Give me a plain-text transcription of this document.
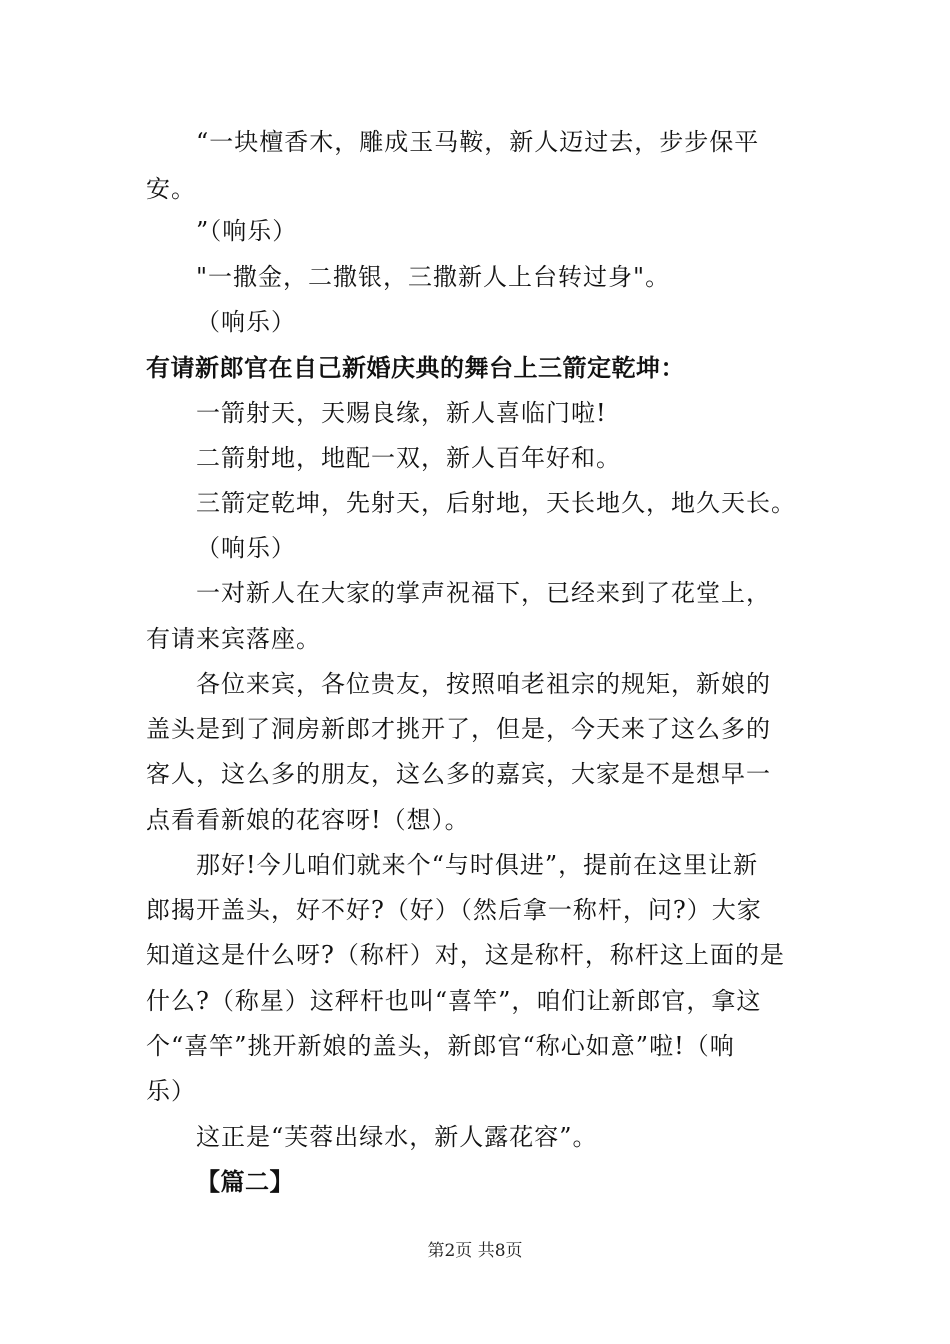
“一块檀香木，雕成玉马鞍，新人迈过去，步步保平
安。
”（响乐）
"一撒金，二撒银，三撒新人上台转过身"。
（响乐）
有请新郎官在自己新婚庆典的舞台上三箭定乾坤：
一箭射天，天赐良缘，新人喜临门啦!
二箭射地，地配一双，新人百年好和。
三箭定乾坤，先射天，后射地，天长地久，地久天长。
（响乐）
一对新人在大家的掌声祝福下，已经来到了花堂上，
有请来宾落座。
各位来宾，各位贵友，按照咱老祖宗的规矩，新娘的
盖头是到了洞房新郎才挑开了，但是，今天来了这么多的
客人，这么多的朋友，这么多的嘉宾，大家是不是想早一
点看看新娘的花容呀!（想）。
那好!今儿咱们就来个“与时俱进”，提前在这里让新
郎揭开盖头，好不好?（好）（然后拿一称杆，问?）大家
知道这是什么呀?（称杆）对，这是称杆，称杆这上面的是
什么?（称星）这秤杆也叫“喜竿”，咱们让新郎官，拿这
个“喜竿”挑开新娘的盖头，新郎官“称心如意”啦!（响
乐）
这正是“芙蓉出绿水，新人露花容”。
【篇二】
第2页 共8页
